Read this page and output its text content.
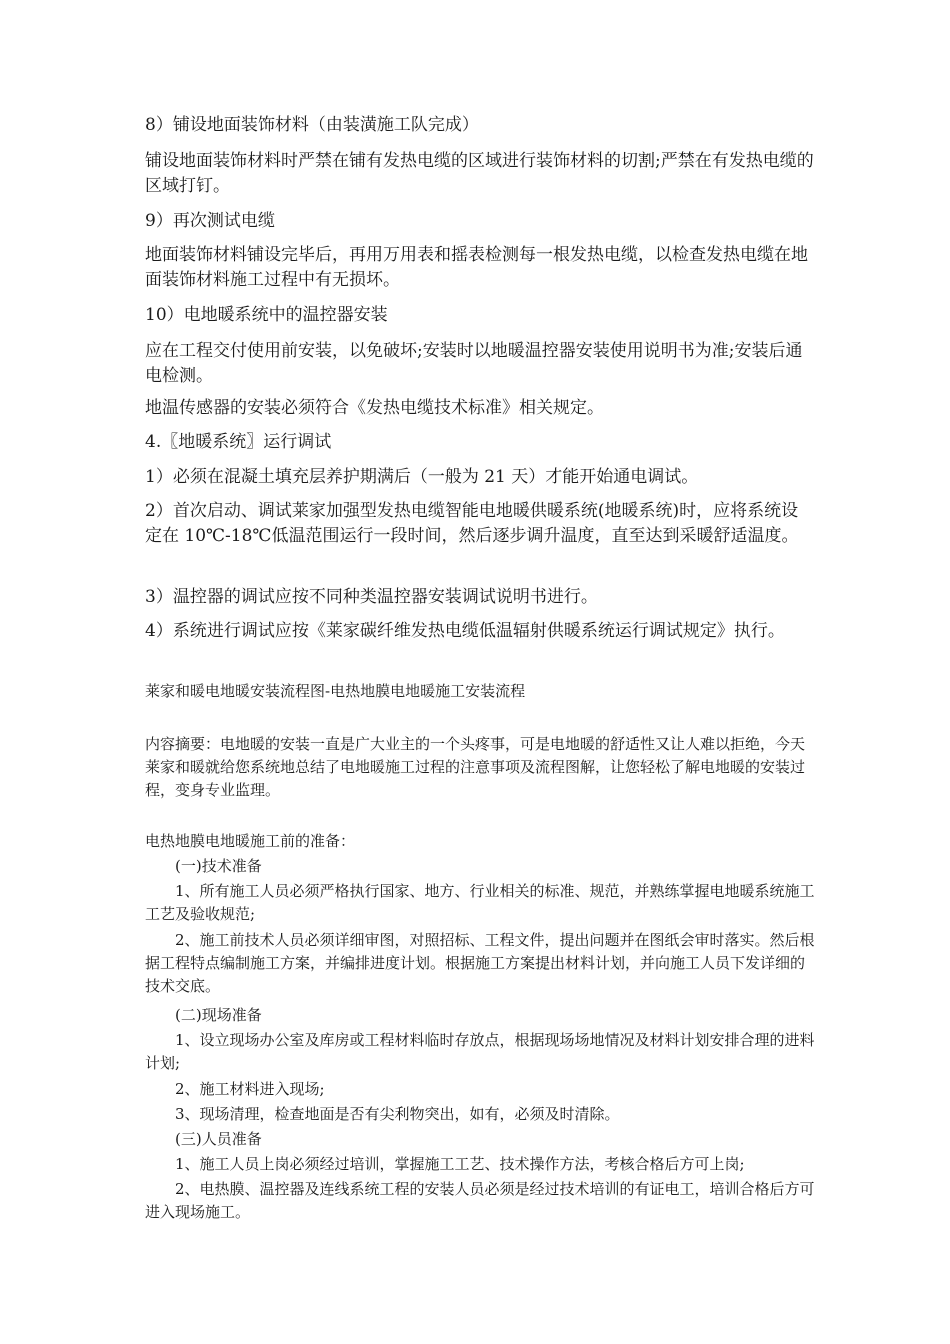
8）铺设地面装饰材料（由装潢施工队完成）

铺设地面装饰材料时严禁在铺有发热电缆的区域进行装饰材料的切割;严禁在有发热电缆的区域打钉。

9）再次测试电缆

地面装饰材料铺设完毕后，再用万用表和摇表检测每一根发热电缆，以检查发热电缆在地面装饰材料施工过程中有无损坏。

10）电地暖系统中的温控器安装

应在工程交付使用前安装，以免破坏;安装时以地暖温控器安装使用说明书为准;安装后通电检测。

地温传感器的安装必须符合《发热电缆技术标准》相关规定。

4.〖地暖系统〗运行调试

1）必须在混凝土填充层养护期满后（一般为 21 天）才能开始通电调试。

2）首次启动、调试莱家加强型发热电缆智能电地暖供暖系统(地暖系统)时，应将系统设定在 10℃-18℃低温范围运行一段时间，然后逐步调升温度，直至达到采暖舒适温度。

3）温控器的调试应按不同种类温控器安装调试说明书进行。

4）系统进行调试应按《莱家碳纤维发热电缆低温辐射供暖系统运行调试规定》执行。

莱家和暖电地暖安装流程图-电热地膜电地暖施工安装流程

内容摘要：电地暖的安装一直是广大业主的一个头疼事，可是电地暖的舒适性又让人难以拒绝，今天莱家和暖就给您系统地总结了电地暖施工过程的注意事项及流程图解，让您轻松了解电地暖的安装过程，变身专业监理。

电热地膜电地暖施工前的准备：

(一)技术准备

1、所有施工人员必须严格执行国家、地方、行业相关的标准、规范，并熟练掌握电地暖系统施工工艺及验收规范;

2、施工前技术人员必须详细审图，对照招标、工程文件，提出问题并在图纸会审时落实。然后根据工程特点编制施工方案，并编排进度计划。根据施工方案提出材料计划，并向施工人员下发详细的技术交底。

(二)现场准备

1、设立现场办公室及库房或工程材料临时存放点，根据现场场地情况及材料计划安排合理的进料计划;

2、施工材料进入现场;

3、现场清理，检查地面是否有尖利物突出，如有，必须及时清除。

(三)人员准备

1、施工人员上岗必须经过培训，掌握施工工艺、技术操作方法，考核合格后方可上岗;

2、电热膜、温控器及连线系统工程的安装人员必须是经过技术培训的有证电工，培训合格后方可进入现场施工。
